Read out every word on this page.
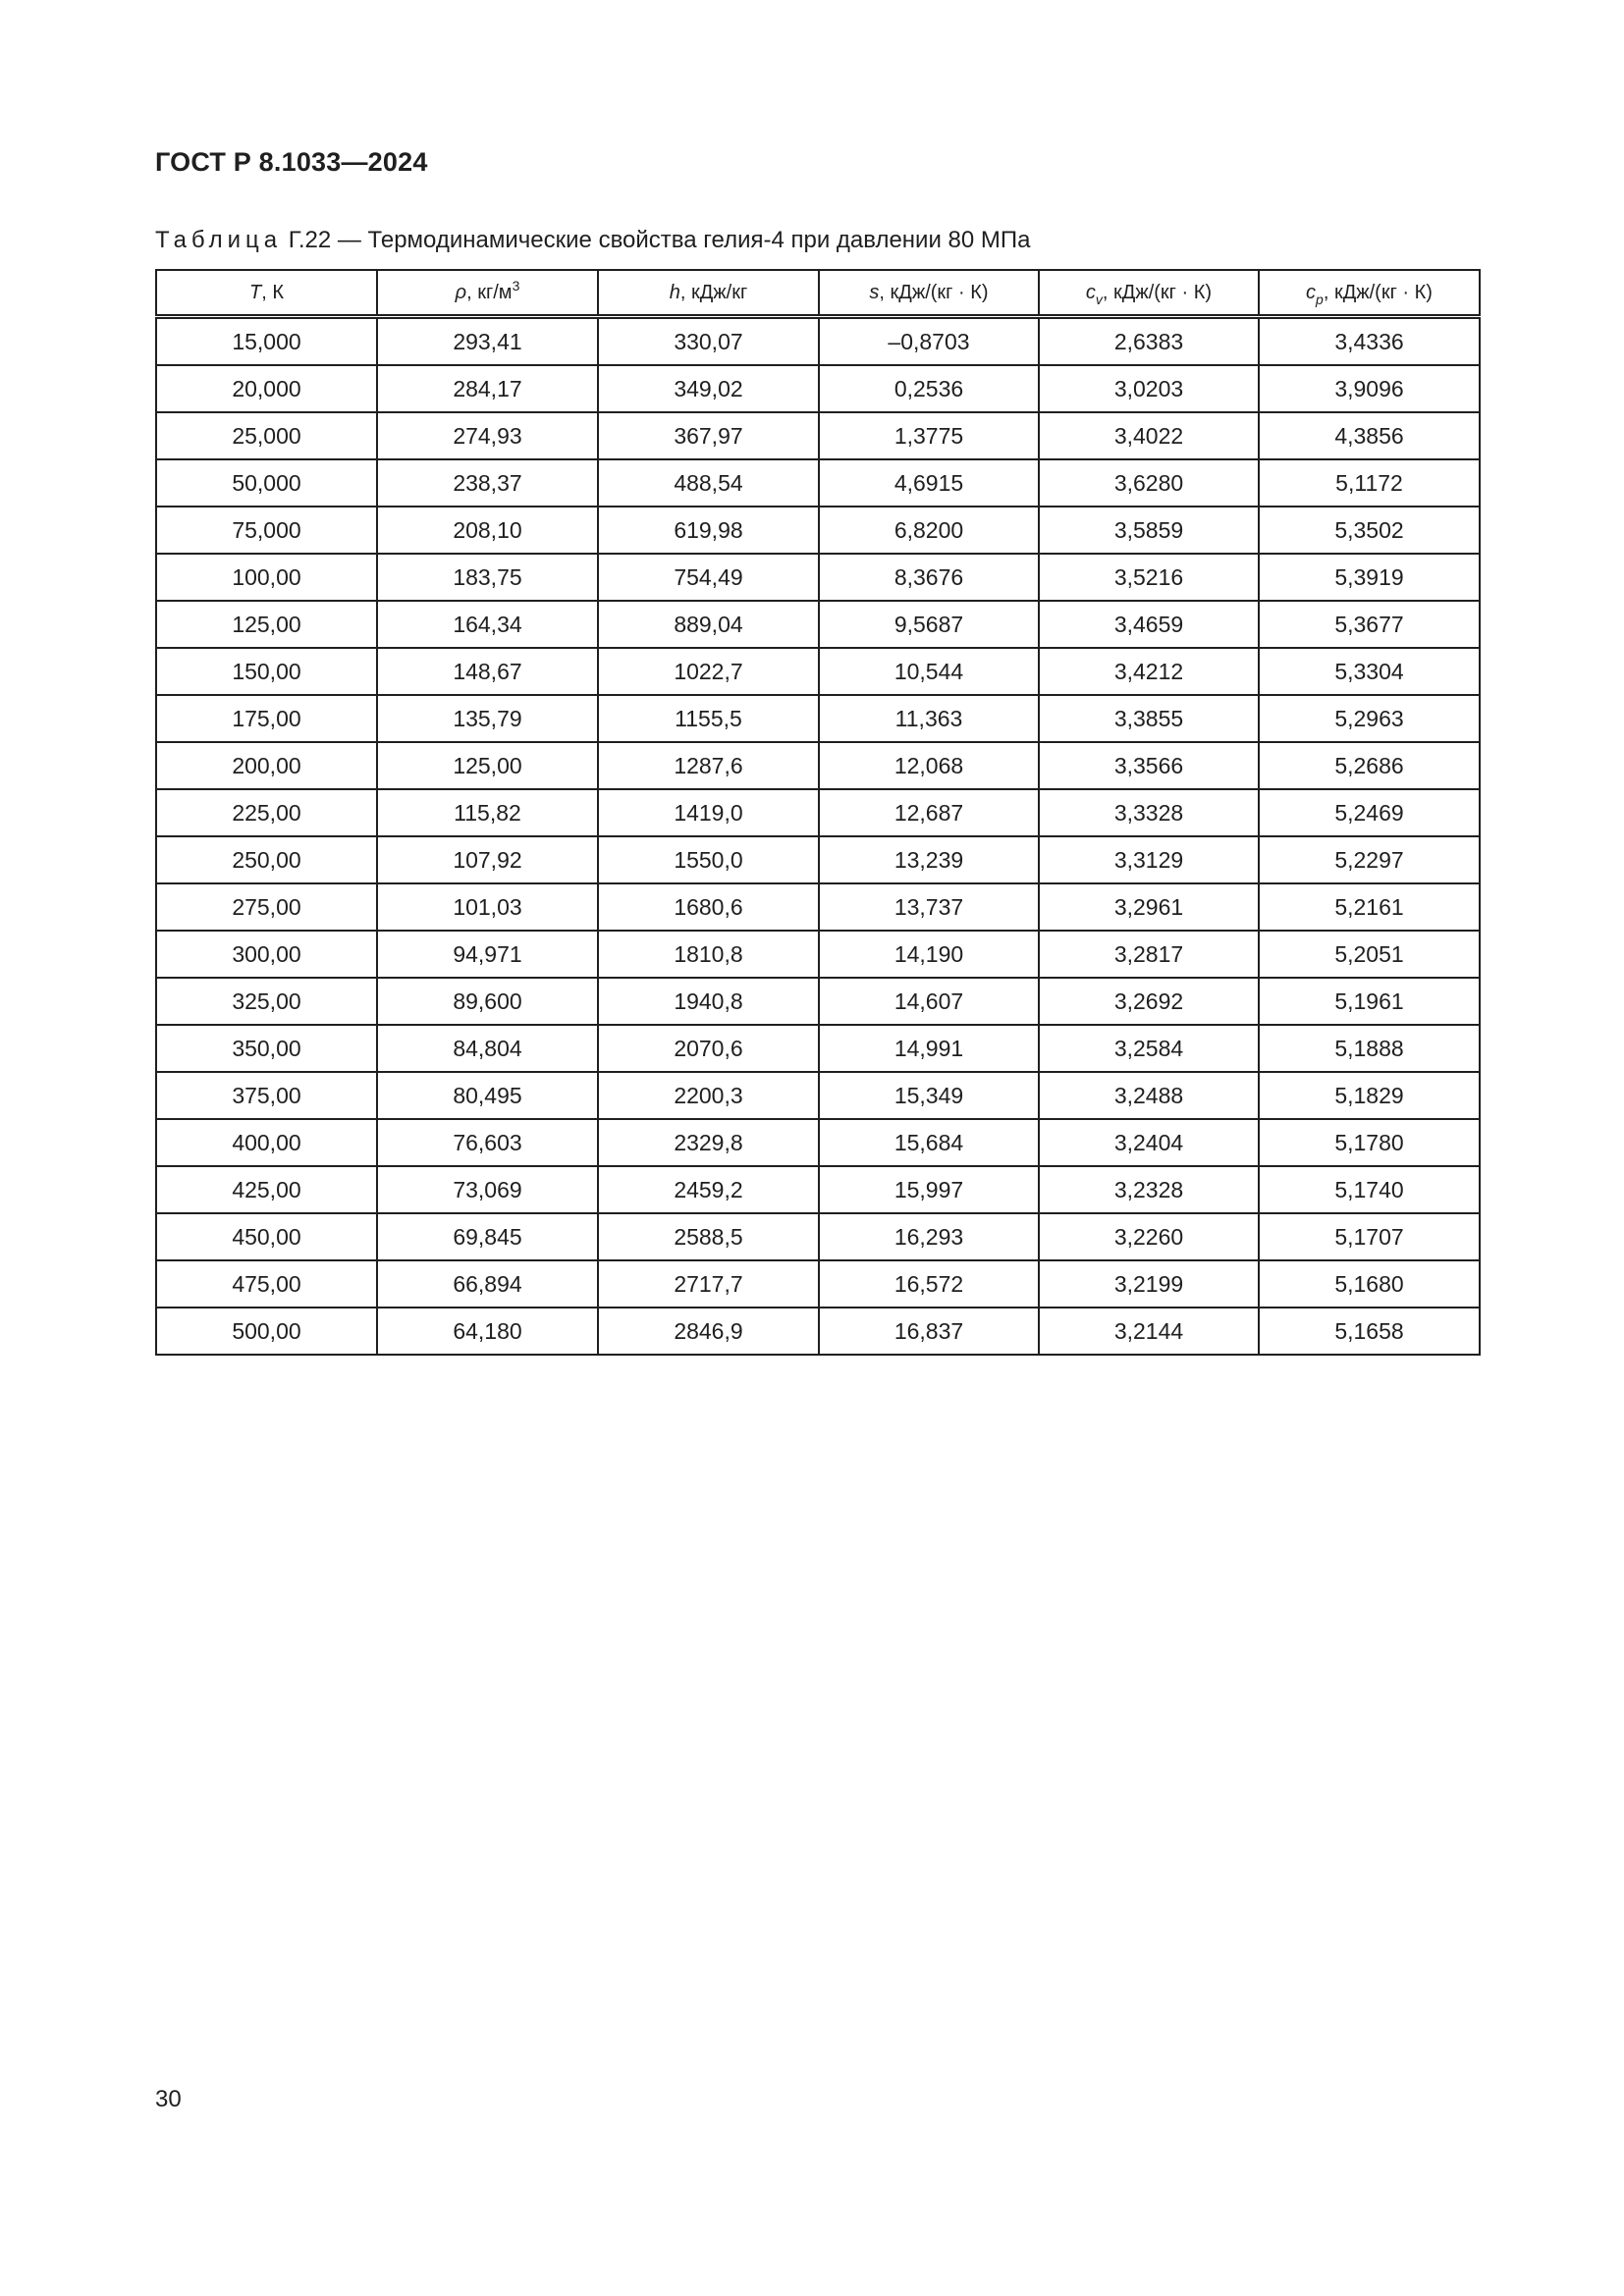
ГОСТ Р 8.1033—2024
Таблица Г.22 — Термодинамические свойства гелия-4 при давлении 80 МПа
T, К	ρ, $кг/м^3$	h, кДж/кг	s, кДж/(кг · К)	$c_v$, кДж/(кг · К)	$c_p$, кДж/(кг · К)
15,000	293,41	330,07	–0,8703	2,6383	3,4336
20,000	284,17	349,02	0,2536	3,0203	3,9096
25,000	274,93	367,97	1,3775	3,4022	4,3856
50,000	238,37	488,54	4,6915	3,6280	5,1172
75,000	208,10	619,98	6,8200	3,5859	5,3502
100,00	183,75	754,49	8,3676	3,5216	5,3919
125,00	164,34	889,04	9,5687	3,4659	5,3677
150,00	148,67	1022,7	10,544	3,4212	5,3304
175,00	135,79	1155,5	11,363	3,3855	5,2963
200,00	125,00	1287,6	12,068	3,3566	5,2686
225,00	115,82	1419,0	12,687	3,3328	5,2469
250,00	107,92	1550,0	13,239	3,3129	5,2297
275,00	101,03	1680,6	13,737	3,2961	5,2161
300,00	94,971	1810,8	14,190	3,2817	5,2051
325,00	89,600	1940,8	14,607	3,2692	5,1961
350,00	84,804	2070,6	14,991	3,2584	5,1888
375,00	80,495	2200,3	15,349	3,2488	5,1829
400,00	76,603	2329,8	15,684	3,2404	5,1780
425,00	73,069	2459,2	15,997	3,2328	5,1740
450,00	69,845	2588,5	16,293	3,2260	5,1707
475,00	66,894	2717,7	16,572	3,2199	5,1680
500,00	64,180	2846,9	16,837	3,2144	5,1658
30
